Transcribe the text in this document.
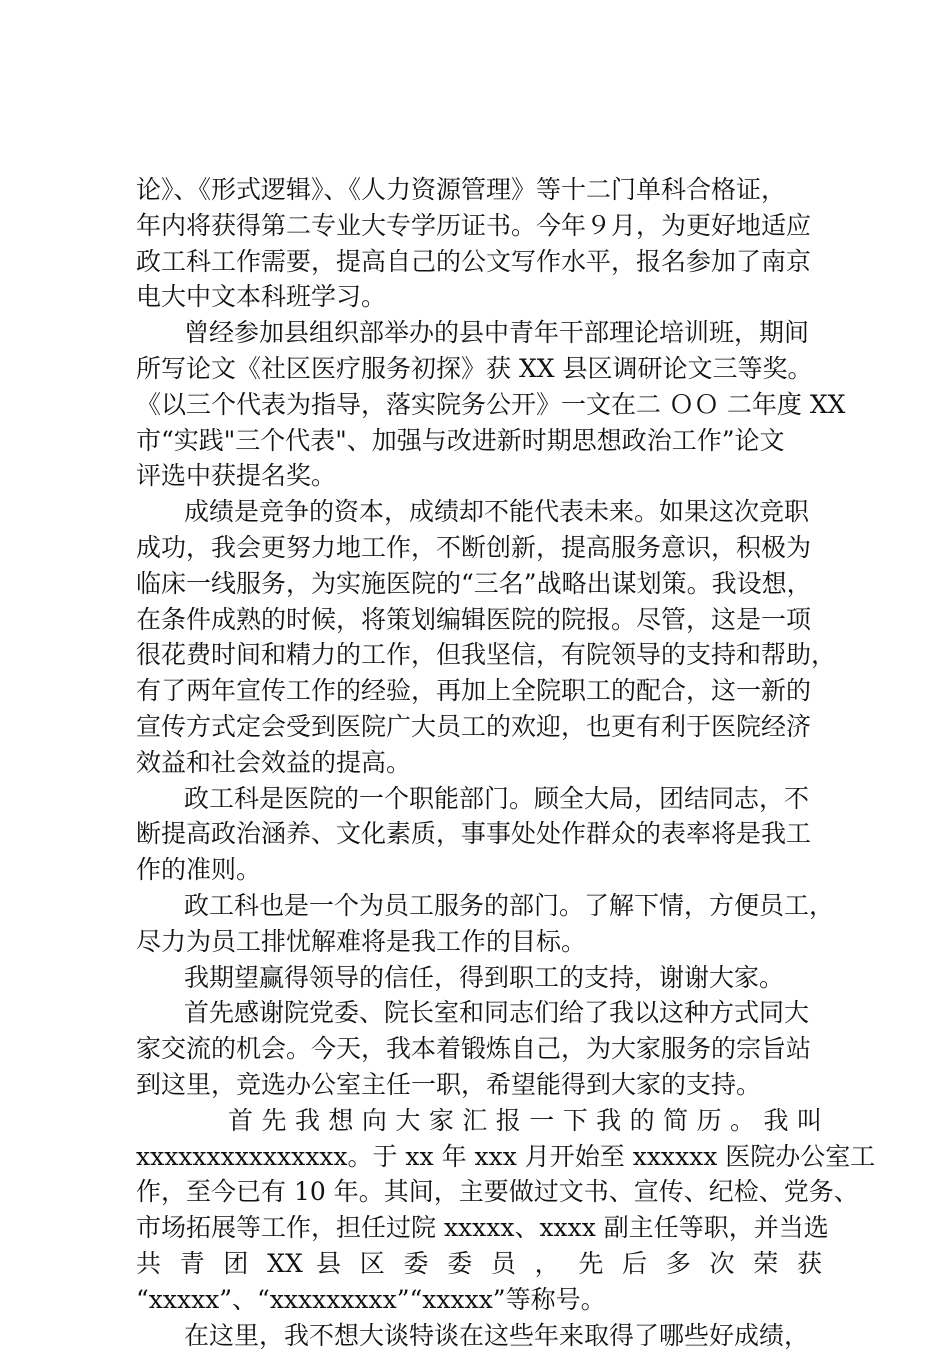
论》、《形式逻辑》、《人力资源管理》等十二门单科合格证，
年内将获得第二专业大专学历证书。今年９月，为更好地适应
政工科工作需要，提高自己的公文写作水平，报名参加了南京
电大中文本科班学习。
曾经参加县组织部举办的县中青年干部理论培训班，期间
所写论文《社区医疗服务初探》获 XX 县区调研论文三等奖。
《以三个代表为指导，落实院务公开》一文在二 ＯＯ 二年度 XX
市“实践"三个代表"、加强与改进新时期思想政治工作”论文
评选中获提名奖。
成绩是竞争的资本，成绩却不能代表未来。如果这次竞职
成功，我会更努力地工作，不断创新，提高服务意识，积极为
临床一线服务，为实施医院的“三名”战略出谋划策。我设想，
在条件成熟的时候，将策划编辑医院的院报。尽管，这是一项
很花费时间和精力的工作，但我坚信，有院领导的支持和帮助，
有了两年宣传工作的经验，再加上全院职工的配合，这一新的
宣传方式定会受到医院广大员工的欢迎，也更有利于医院经济
效益和社会效益的提高。
政工科是医院的一个职能部门。顾全大局，团结同志，不
断提高政治涵养、文化素质，事事处处作群众的表率将是我工
作的准则。
政工科也是一个为员工服务的部门。了解下情，方便员工，
尽力为员工排忧解难将是我工作的目标。
我期望赢得领导的信任，得到职工的支持，谢谢大家。
首先感谢院党委、院长室和同志们给了我以这种方式同大
家交流的机会。今天，我本着锻炼自己，为大家服务的宗旨站
到这里，竞选办公室主任一职，希望能得到大家的支持。
首 先 我 想 向 大 家 汇 报 一 下 我 的 简 历 。 我 叫
xxxxxxxxxxxxxxx。于 xx 年 xxx 月开始至 xxxxxx 医院办公室工
作，至今已有 10 年。其间，主要做过文书、宣传、纪检、党务、
市场拓展等工作，担任过院 xxxxx、xxxx 副主任等职，并当选
共 青 团 XX 县 区 委 委 员 ， 先 后 多 次 荣 获
“xxxxx”、“xxxxxxxxx”“xxxxx”等称号。
在这里，我不想大谈特谈在这些年来取得了哪些好成绩，
